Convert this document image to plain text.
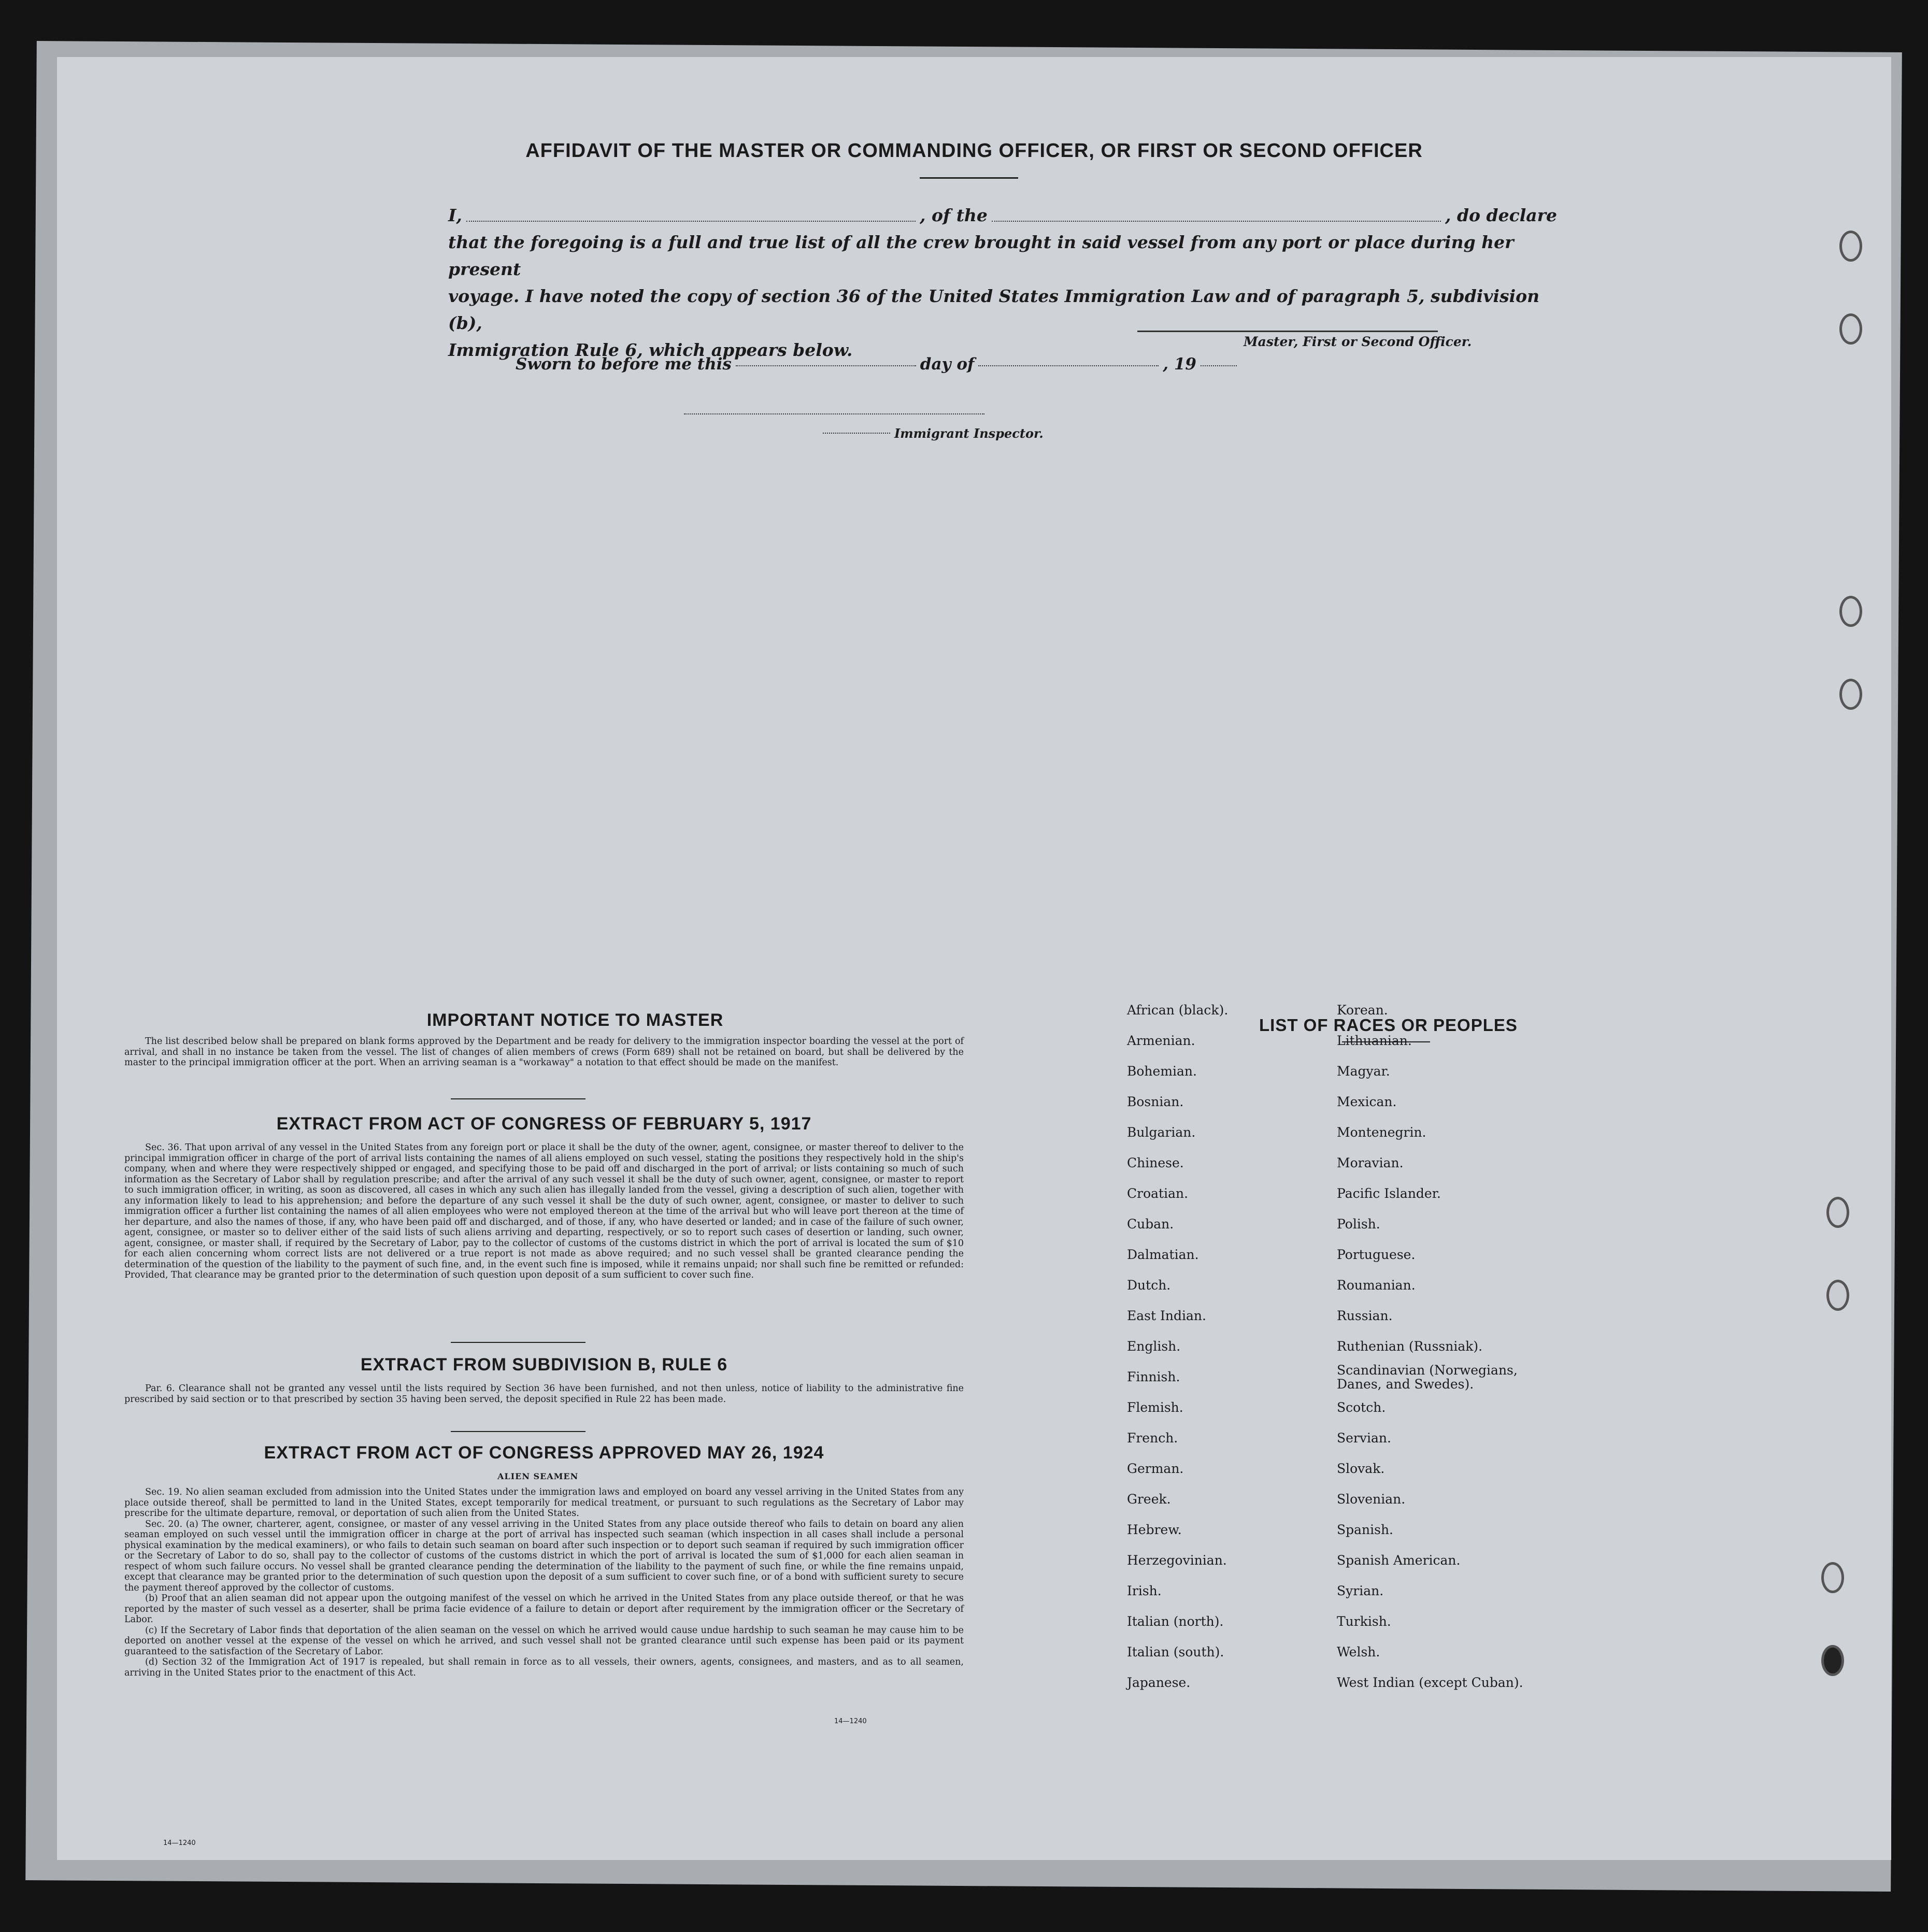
AFFIDAVIT OF THE MASTER OR COMMANDING OFFICER, OR FIRST OR SECOND OFFICER
I,	, of the	, do declare
that the foregoing is a full and true list of all the crew brought in said vessel from any port or place during her present
voyage. I have noted the copy of section 36 of the United States Immigration Law and of paragraph 5, subdivision (b),
Immigration Rule 6, which appears below.	Master, First or Second Officer.
Sworn to before me this	day of	, 19
Immigrant Inspector.
IMPORTANT NOTICE TO MASTER

The list described below shall be prepared on blank forms approved by the Department and be ready for delivery to the immigration inspector boarding the vessel at the port of arrival, and shall in no instance be taken from the vessel. The list of changes of alien members of crews (Form 689) shall not be retained on board, but shall be delivered by the master to the principal immigration officer at the port. When an arriving seaman is a "workaway" a notation to that effect should be made on the manifest.

EXTRACT FROM ACT OF CONGRESS OF FEBRUARY 5, 1917

Sec. 36. That upon arrival of any vessel in the United States from any foreign port or place it shall be the duty of the owner, agent, consignee, or master thereof to deliver to the principal immigration officer in charge of the port of arrival lists containing the names of all aliens employed on such vessel, stating the positions they respectively hold in the ship's company, when and where they were respectively shipped or engaged, and specifying those to be paid off and discharged in the port of arrival; or lists containing so much of such information as the Secretary of Labor shall by regulation prescribe; and after the arrival of any such vessel it shall be the duty of such owner, agent, consignee, or master to report to such immigration officer, in writing, as soon as discovered, all cases in which any such alien has illegally landed from the vessel, giving a description of such alien, together with any information likely to lead to his apprehension; and before the departure of any such vessel it shall be the duty of such owner, agent, consignee, or master to deliver to such immigration officer a further list containing the names of all alien employees who were not employed thereon at the time of the arrival but who will leave port thereon at the time of her departure, and also the names of those, if any, who have been paid off and discharged, and of those, if any, who have deserted or landed; and in case of the failure of such owner, agent, consignee, or master so to deliver either of the said lists of such aliens arriving and departing, respectively, or so to report such cases of desertion or landing, such owner, agent, consignee, or master shall, if required by the Secretary of Labor, pay to the collector of customs of the customs district in which the port of arrival is located the sum of $10 for each alien concerning whom correct lists are not delivered or a true report is not made as above required; and no such vessel shall be granted clearance pending the determination of the question of the liability to the payment of such fine, and, in the event such fine is imposed, while it remains unpaid; nor shall such fine be remitted or refunded: Provided, That clearance may be granted prior to the determination of such question upon deposit of a sum sufficient to cover such fine.

EXTRACT FROM SUBDIVISION B, RULE 6

Par. 6. Clearance shall not be granted any vessel until the lists required by Section 36 have been furnished, and not then unless, notice of liability to the administrative fine prescribed by said section or to that prescribed by section 35 having been served, the deposit specified in Rule 22 has been made.

EXTRACT FROM ACT OF CONGRESS APPROVED MAY 26, 1924
ALIEN SEAMEN

Sec. 19. No alien seaman excluded from admission into the United States under the immigration laws and employed on board any vessel arriving in the United States from any place outside thereof, shall be permitted to land in the United States, except temporarily for medical treatment, or pursuant to such regulations as the Secretary of Labor may prescribe for the ultimate departure, removal, or deportation of such alien from the United States.

Sec. 20. (a) The owner, charterer, agent, consignee, or master of any vessel arriving in the United States from any place outside thereof who fails to detain on board any alien seaman employed on such vessel until the immigration officer in charge at the port of arrival has inspected such seaman (which inspection in all cases shall include a personal physical examination by the medical examiners), or who fails to detain such seaman on board after such inspection or to deport such seaman if required by such immigration officer or the Secretary of Labor to do so, shall pay to the collector of customs of the customs district in which the port of arrival is located the sum of $1,000 for each alien seaman in respect of whom such failure occurs. No vessel shall be granted clearance pending the determination of the liability to the payment of such fine, or while the fine remains unpaid, except that clearance may be granted prior to the determination of such question upon the deposit of a sum sufficient to cover such fine, or of a bond with sufficient surety to secure the payment thereof approved by the collector of customs.

(b) Proof that an alien seaman did not appear upon the outgoing manifest of the vessel on which he arrived in the United States from any place outside thereof, or that he was reported by the master of such vessel as a deserter, shall be prima facie evidence of a failure to detain or deport after requirement by the immigration officer or the Secretary of Labor.

(c) If the Secretary of Labor finds that deportation of the alien seaman on the vessel on which he arrived would cause undue hardship to such seaman he may cause him to be deported on another vessel at the expense of the vessel on which he arrived, and such vessel shall not be granted clearance until such expense has been paid or its payment guaranteed to the satisfaction of the Secretary of Labor.

(d) Section 32 of the Immigration Act of 1917 is repealed, but shall remain in force as to all vessels, their owners, agents, consignees, and masters, and as to all seamen, arriving in the United States prior to the enactment of this Act.

14—1240
LIST OF RACES OR PEOPLES
African (black).
Armenian.
Bohemian.
Bosnian.
Bulgarian.
Chinese.
Croatian.
Cuban.
Dalmatian.
Dutch.
East Indian.
English.
Finnish.
Flemish.
French.
German.
Greek.
Hebrew.
Herzegovinian.
Irish.
Italian (north).
Italian (south).
Japanese.
Korean.
Lithuanian.
Magyar.
Mexican.
Montenegrin.
Moravian.
Pacific Islander.
Polish.
Portuguese.
Roumanian.
Russian.
Ruthenian (Russniak).
Scandinavian (Norwegians, Danes, and Swedes).
Scotch.
Servian.
Slovak.
Slovenian.
Spanish.
Spanish American.
Syrian.
Turkish.
Welsh.
West Indian (except Cuban).
14—1240
